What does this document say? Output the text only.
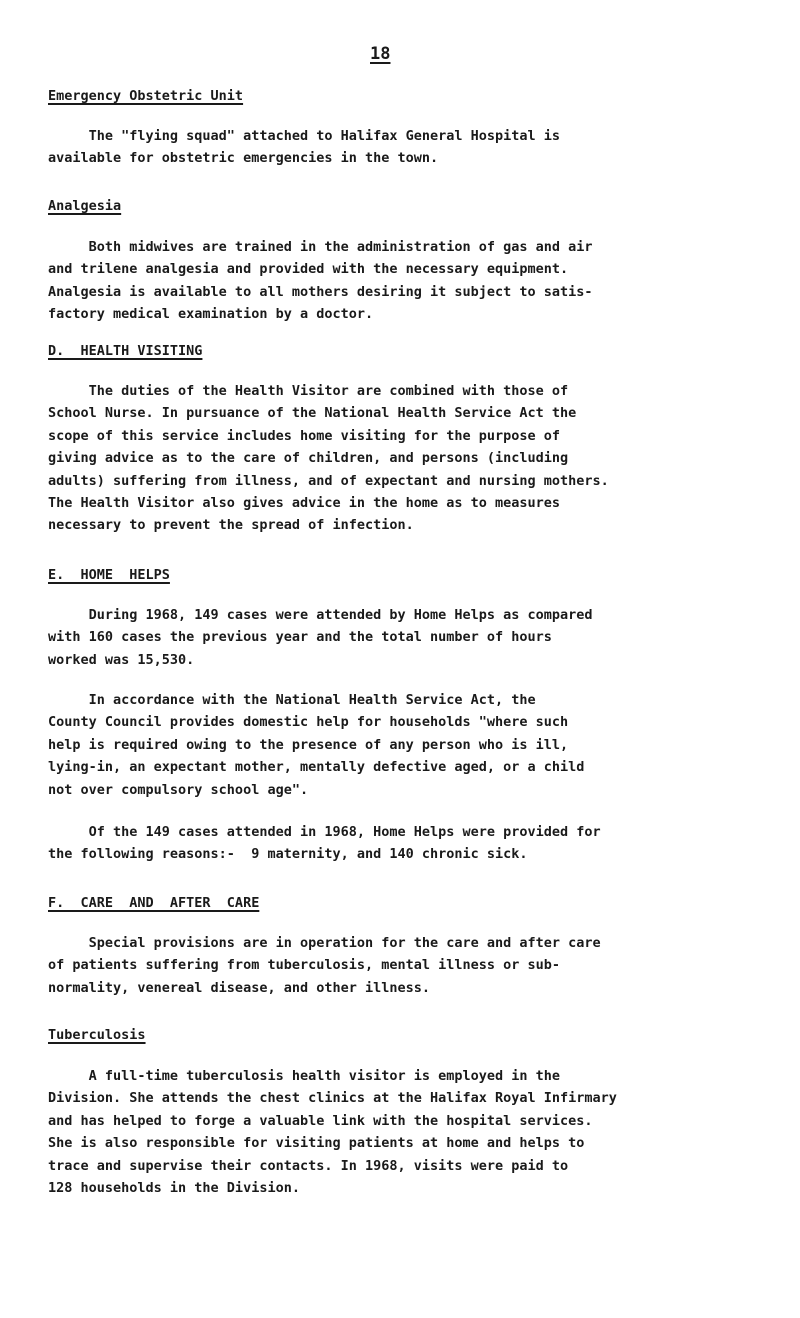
18
Emergency Obstetric Unit
The "flying squad" attached to Halifax General Hospital is
available for obstetric emergencies in the town.
Analgesia
Both midwives are trained in the administration of gas and air
and trilene analgesia and provided with the necessary equipment.
Analgesia is available to all mothers desiring it subject to satis-
factory medical examination by a doctor.
D.  HEALTH VISITING
The duties of the Health Visitor are combined with those of
School Nurse. In pursuance of the National Health Service Act the
scope of this service includes home visiting for the purpose of
giving advice as to the care of children, and persons (including
adults) suffering from illness, and of expectant and nursing mothers.
The Health Visitor also gives advice in the home as to measures
necessary to prevent the spread of infection.
E.  HOME  HELPS
During 1968, 149 cases were attended by Home Helps as compared
with 160 cases the previous year and the total number of hours
worked was 15,530.
In accordance with the National Health Service Act, the
County Council provides domestic help for households "where such
help is required owing to the presence of any person who is ill,
lying-in, an expectant mother, mentally defective aged, or a child
not over compulsory school age".
Of the 149 cases attended in 1968, Home Helps were provided for
the following reasons:-  9 maternity, and 140 chronic sick.
F.  CARE  AND  AFTER  CARE
Special provisions are in operation for the care and after care
of patients suffering from tuberculosis, mental illness or sub-
normality, venereal disease, and other illness.
Tuberculosis
A full-time tuberculosis health visitor is employed in the
Division. She attends the chest clinics at the Halifax Royal Infirmary
and has helped to forge a valuable link with the hospital services.
She is also responsible for visiting patients at home and helps to
trace and supervise their contacts. In 1968, visits were paid to
128 households in the Division.
